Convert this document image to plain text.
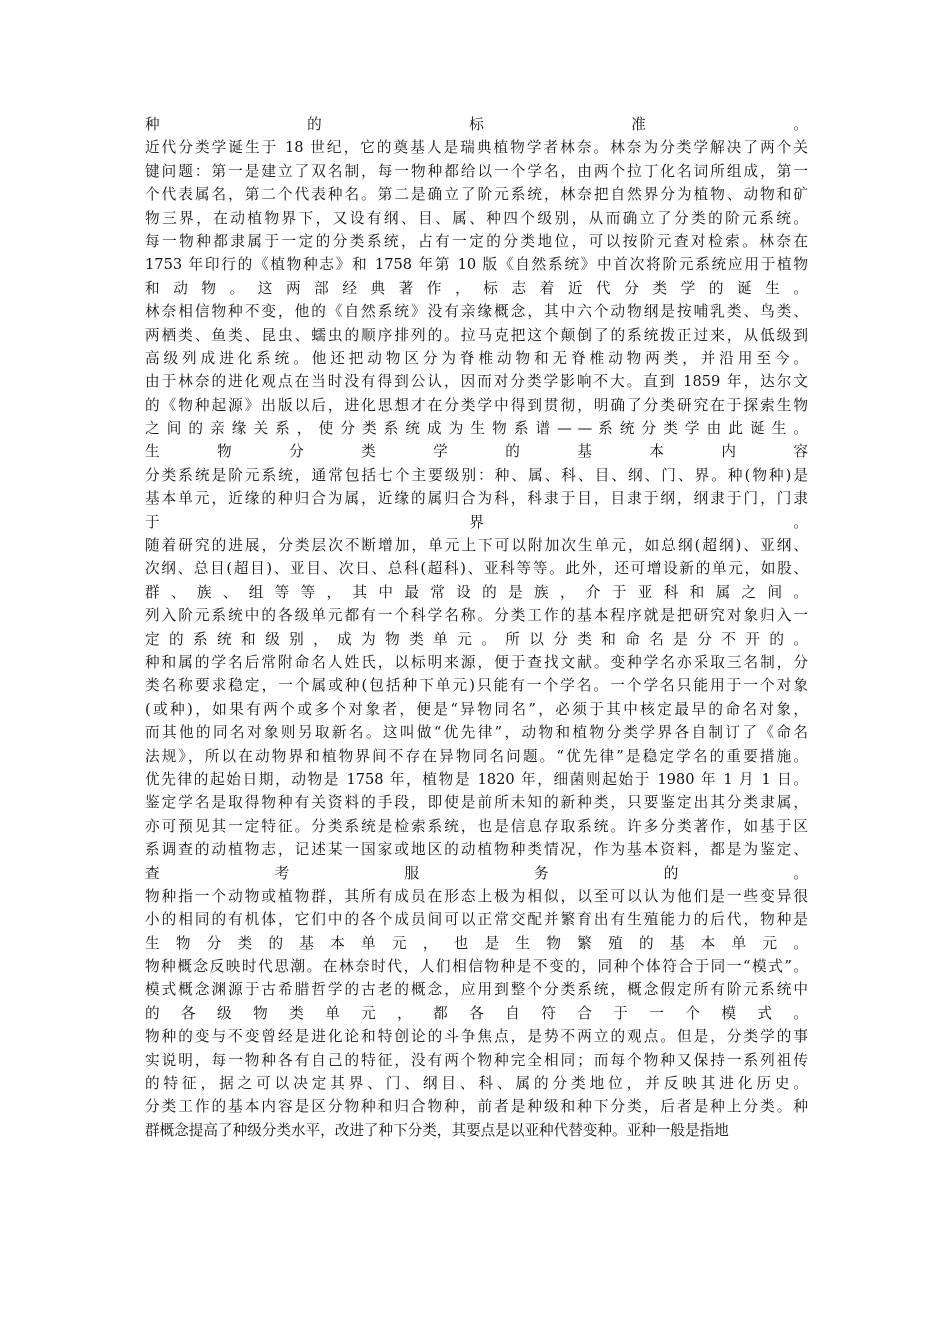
种 的 标 准 。
近代分类学诞生于 18 世纪，它的奠基人是瑞典植物学者林奈。林奈为分类学解决了两个关
键问题：第一是建立了双名制，每一物种都给以一个学名，由两个拉丁化名词所组成，第一
个代表属名，第二个代表种名。第二是确立了阶元系统，林奈把自然界分为植物、动物和矿
物三界，在动植物界下，又设有纲、目、属、种四个级别，从而确立了分类的阶元系统。
每一物种都隶属于一定的分类系统，占有一定的分类地位，可以按阶元查对检索。林奈在
1753 年印行的《植物种志》和 1758 年第 10 版《自然系统》中首次将阶元系统应用于植物
和 动 物 。 这 两 部 经 典 著 作 ， 标 志 着 近 代 分 类 学 的 诞 生 。
林奈相信物种不变，他的《自然系统》没有亲缘概念，其中六个动物纲是按哺乳类、鸟类、
两栖类、鱼类、昆虫、蠕虫的顺序排列的。拉马克把这个颠倒了的系统拨正过来，从低级到
高级列成进化系统。他还把动物区分为脊椎动物和无脊椎动物两类，并沿用至今。
由于林奈的进化观点在当时没有得到公认，因而对分类学影响不大。直到 1859 年，达尔文
的《物种起源》出版以后，进化思想才在分类学中得到贯彻，明确了分类研究在于探索生物
之 间 的 亲 缘 关 系 ， 使 分 类 系 统 成 为 生 物 系 谱 — — 系 统 分 类 学 由 此 诞 生 。
生 物 分 类 学 的 基 本 内 容
分类系统是阶元系统，通常包括七个主要级别：种、属、科、目、纲、门、界。种(物种)是
基本单元，近缘的种归合为属，近缘的属归合为科，科隶于目，目隶于纲，纲隶于门，门隶
于 界 。
随着研究的进展，分类层次不断增加，单元上下可以附加次生单元，如总纲(超纲)、亚纲、
次纲、总目(超目)、亚目、次日、总科(超科)、亚科等等。此外，还可增设新的单元，如股、
群 、 族 、 组 等 等 ， 其 中 最 常 设 的 是 族 ， 介 于 亚 科 和 属 之 间 。
列入阶元系统中的各级单元都有一个科学名称。分类工作的基本程序就是把研究对象归入一
定 的 系 统 和 级 别 ， 成 为 物 类 单 元 。 所 以 分 类 和 命 名 是 分 不 开 的 。
种和属的学名后常附命名人姓氏，以标明来源，便于查找文献。变种学名亦采取三名制，分
类名称要求稳定，一个属或种(包括种下单元)只能有一个学名。一个学名只能用于一个对象
(或种)，如果有两个或多个对象者，便是“异物同名”，必须于其中核定最早的命名对象，
而其他的同名对象则另取新名。这叫做“优先律”，动物和植物分类学界各自制订了《命名
法规》，所以在动物界和植物界间不存在异物同名问题。“优先律”是稳定学名的重要措施。
优先律的起始日期，动物是 1758 年，植物是 1820 年，细菌则起始于 1980 年 1 月 1 日。
鉴定学名是取得物种有关资料的手段，即使是前所未知的新种类，只要鉴定出其分类隶属，
亦可预见其一定特征。分类系统是检索系统，也是信息存取系统。许多分类著作，如基于区
系调查的动植物志，记述某一国家或地区的动植物种类情况，作为基本资料，都是为鉴定、
查 考 服 务 的 。
物种指一个动物或植物群，其所有成员在形态上极为相似，以至可以认为他们是一些变异很
小的相同的有机体，它们中的各个成员间可以正常交配并繁育出有生殖能力的后代，物种是
生 物 分 类 的 基 本 单 元 ， 也 是 生 物 繁 殖 的 基 本 单 元 。
物种概念反映时代思潮。在林奈时代，人们相信物种是不变的，同种个体符合于同一“模式”。
模式概念渊源于古希腊哲学的古老的概念，应用到整个分类系统，概念假定所有阶元系统中
的 各 级 物 类 单 元 ， 都 各 自 符 合 于 一 个 模 式 。
物种的变与不变曾经是进化论和特创论的斗争焦点，是势不两立的观点。但是，分类学的事
实说明，每一物种各有自己的特征，没有两个物种完全相同；而每个物种又保持一系列祖传
的特征，据之可以决定其界、门、纲目、科、属的分类地位，并反映其进化历史。
分类工作的基本内容是区分物种和归合物种，前者是种级和种下分类，后者是种上分类。种
群概念提高了种级分类水平，改进了种下分类，其要点是以亚种代替变种。亚种一般是指地
